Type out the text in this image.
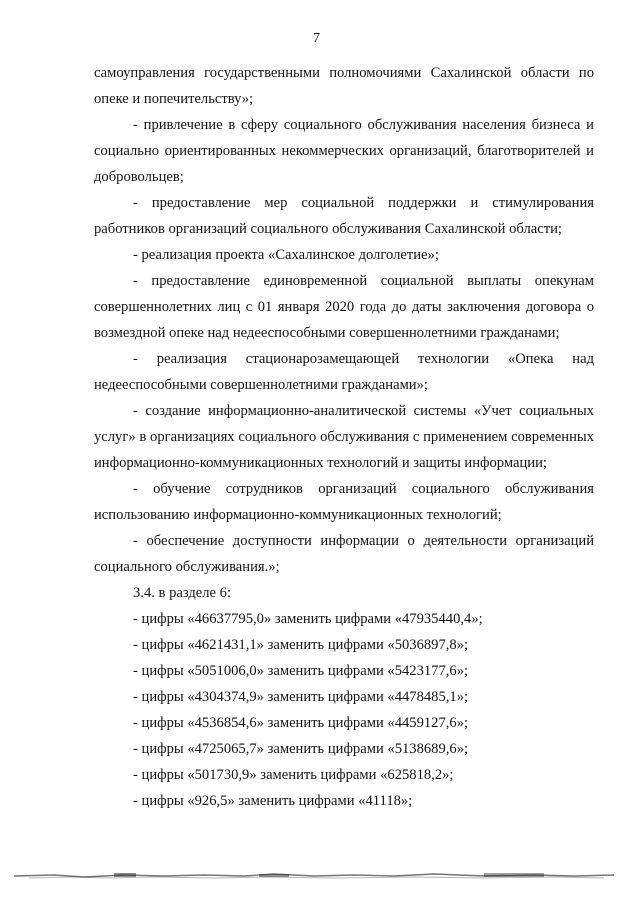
7

самоуправления государственными полномочиями Сахалинской области по опеке и попечительству»;

- привлечение в сферу социального обслуживания населения бизнеса и социально ориентированных некоммерческих организаций, благотворителей и добровольцев;

- предоставление мер социальной поддержки и стимулирования работников организаций социального обслуживания Сахалинской области;

- реализация проекта «Сахалинское долголетие»;

- предоставление единовременной социальной выплаты опекунам совершеннолетних лиц с 01 января 2020 года до даты заключения договора о возмездной опеке над недееспособными совершеннолетними гражданами;

- реализация стационарозамещающей технологии «Опека над недееспособными совершеннолетними гражданами»;

- создание информационно-аналитической системы «Учет социальных услуг» в организациях социального обслуживания с применением современных информационно-коммуникационных технологий и защиты информации;

- обучение сотрудников организаций социального обслуживания использованию информационно-коммуникационных технологий;

- обеспечение доступности информации о деятельности организаций социального обслуживания.»;

3.4. в разделе 6:

- цифры «46637795,0» заменить цифрами «47935440,4»;

- цифры «4621431,1» заменить цифрами «5036897,8»;

- цифры «5051006,0» заменить цифрами «5423177,6»;

- цифры «4304374,9» заменить цифрами «4478485,1»;

- цифры «4536854,6» заменить цифрами «4459127,6»;

- цифры «4725065,7» заменить цифрами «5138689,6»;

- цифры «501730,9» заменить цифрами «625818,2»;

- цифры «926,5» заменить цифрами «41118»;
